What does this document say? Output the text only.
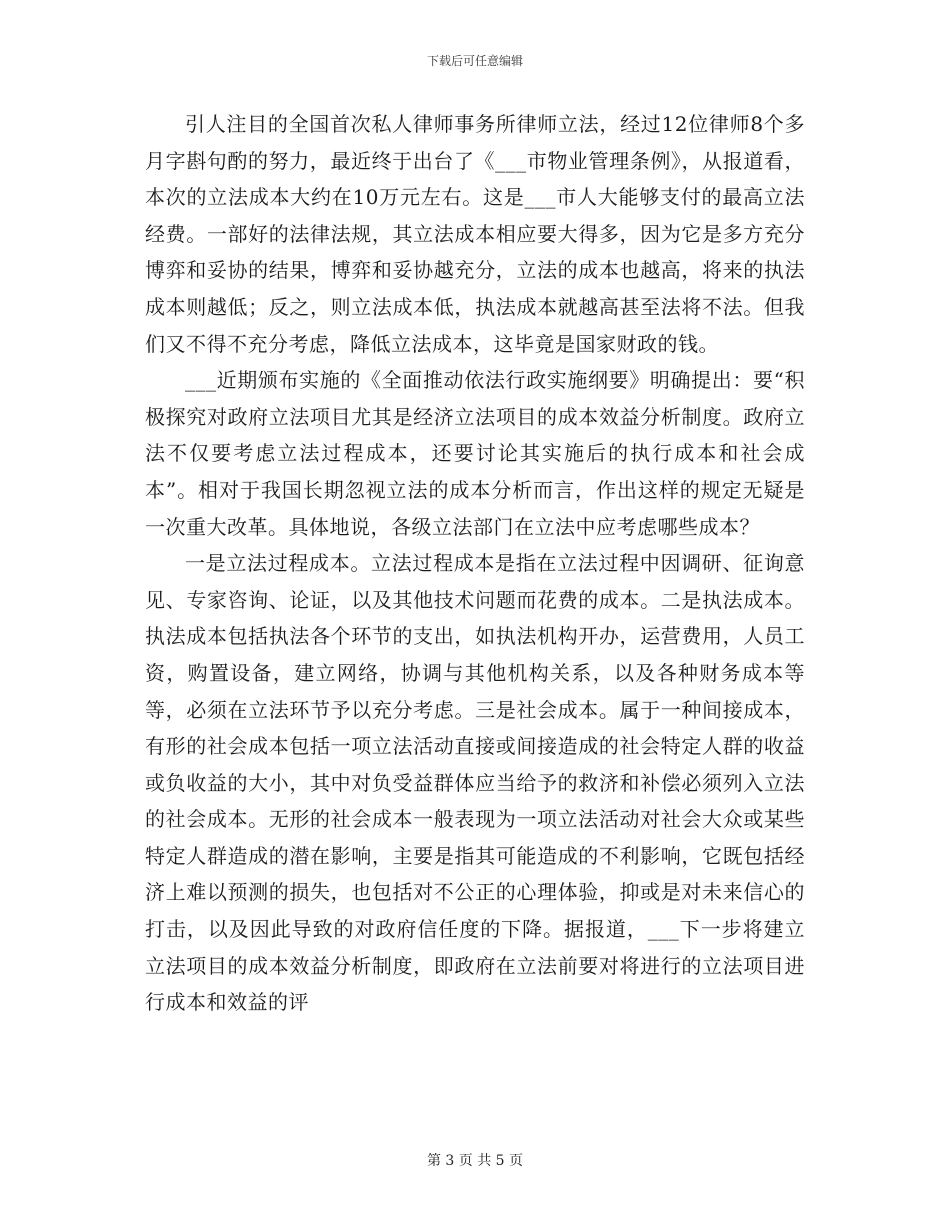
下载后可任意编辑

引人注目的全国首次私人律师事务所律师立法，经过12位律师8个多月字斟句酌的努力，最近终于出台了《___市物业管理条例》，从报道看，本次的立法成本大约在10万元左右。这是___市人大能够支付的最高立法经费。一部好的法律法规，其立法成本相应要大得多，因为它是多方充分博弈和妥协的结果，博弈和妥协越充分，立法的成本也越高，将来的执法成本则越低；反之，则立法成本低，执法成本就越高甚至法将不法。但我们又不得不充分考虑，降低立法成本，这毕竟是国家财政的钱。

___近期颁布实施的《全面推动依法行政实施纲要》明确提出：要“积极探究对政府立法项目尤其是经济立法项目的成本效益分析制度。政府立法不仅要考虑立法过程成本，还要讨论其实施后的执行成本和社会成本”。相对于我国长期忽视立法的成本分析而言，作出这样的规定无疑是一次重大改革。具体地说，各级立法部门在立法中应考虑哪些成本？

一是立法过程成本。立法过程成本是指在立法过程中因调研、征询意见、专家咨询、论证，以及其他技术问题而花费的成本。二是执法成本。执法成本包括执法各个环节的支出，如执法机构开办，运营费用，人员工资，购置设备，建立网络，协调与其他机构关系，以及各种财务成本等等，必须在立法环节予以充分考虑。三是社会成本。属于一种间接成本，有形的社会成本包括一项立法活动直接或间接造成的社会特定人群的收益或负收益的大小，其中对负受益群体应当给予的救济和补偿必须列入立法的社会成本。无形的社会成本一般表现为一项立法活动对社会大众或某些特定人群造成的潜在影响，主要是指其可能造成的不利影响，它既包括经济上难以预测的损失，也包括对不公正的心理体验，抑或是对未来信心的打击，以及因此导致的对政府信任度的下降。据报道，___下一步将建立立法项目的成本效益分析制度，即政府在立法前要对将进行的立法项目进行成本和效益的评

第 3 页 共 5 页
